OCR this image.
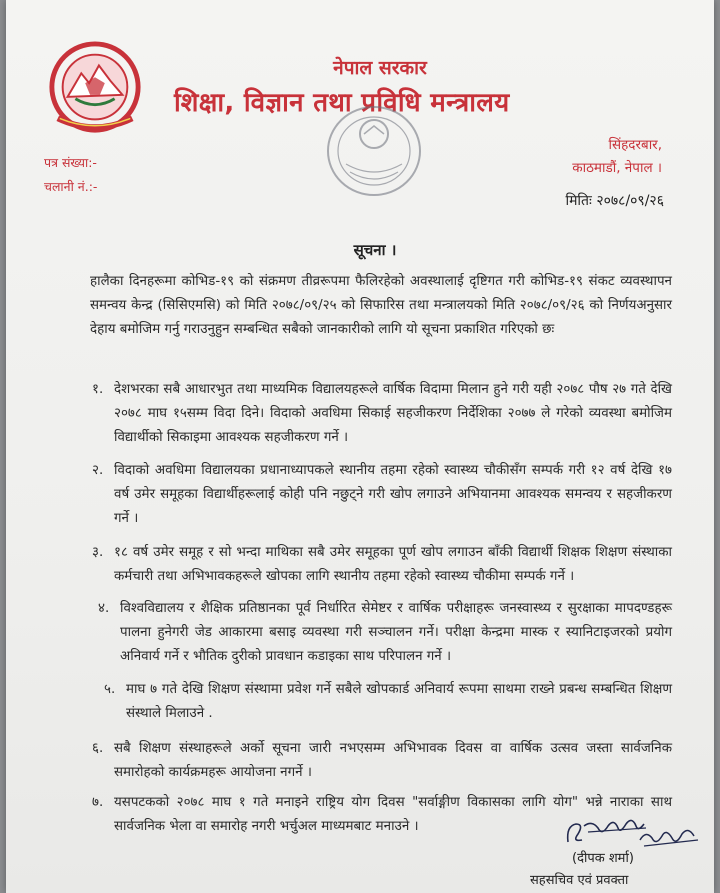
नेपाल सरकार
शिक्षा, विज्ञान तथा प्रविधि मन्त्रालय
पत्र संख्या:-
चलानी नं.:-
सिंहदरबार,
काठमाडौं, नेपाल ।
मितिः २०७८/०९/२६
सूचना ।
हालैका दिनहरूमा कोभिड-१९ को संक्रमण तीव्ररूपमा फैलिरहेको अवस्थालाई दृष्टिगत गरी कोभिड-१९ संकट व्यवस्थापन समन्वय केन्द्र (सिसिएमसि) को मिति २०७८/०९/२५ को सिफारिस तथा मन्त्रालयको मिति २०७८/०९/२६ को निर्णयअनुसार देहाय बमोजिम गर्नु गराउनुहुन सम्बन्धित सबैको जानकारीको लागि यो सूचना प्रकाशित गरिएको छः
१. देशभरका सबै आधारभुत तथा माध्यमिक विद्यालयहरूले वार्षिक विदामा मिलान हुने गरी यही २०७८ पौष २७ गते देखि २०७८ माघ १५सम्म विदा दिने। विदाको अवधिमा सिकाई सहजीकरण निर्देशिका २०७७ ले गरेको व्यवस्था बमोजिम विद्यार्थीको सिकाइमा आवश्यक सहजीकरण गर्ने ।
२. विदाको अवधिमा विद्यालयका प्रधानाध्यापकले स्थानीय तहमा रहेको स्वास्थ्य चौकीसँग सम्पर्क गरी १२ वर्ष देखि १७ वर्ष उमेर समूहका विद्यार्थीहरूलाई कोही पनि नछुट्ने गरी खोप लगाउने अभियानमा आवश्यक समन्वय र सहजीकरण गर्ने ।
३. १८ वर्ष उमेर समूह र सो भन्दा माथिका सबै उमेर समूहका पूर्ण खोप लगाउन बाँकी विद्यार्थी शिक्षक शिक्षण संस्थाका कर्मचारी तथा अभिभावकहरूले खोपका लागि स्थानीय तहमा रहेको स्वास्थ्य चौकीमा सम्पर्क गर्ने ।
४. विश्वविद्यालय र शैक्षिक प्रतिष्ठानका पूर्व निर्धारित सेमेष्टर र वार्षिक परीक्षाहरू जनस्वास्थ्य र सुरक्षाका मापदण्डहरू पालना हुनेगरी जेड आकारमा बसाइ व्यवस्था गरी सञ्चालन गर्ने। परीक्षा केन्द्रमा मास्क र स्यानिटाइजरको प्रयोग अनिवार्य गर्ने र भौतिक दुरीको प्रावधान कडाइका साथ परिपालन गर्ने ।
५. माघ ७ गते देखि शिक्षण संस्थामा प्रवेश गर्ने सबैले खोपकार्ड अनिवार्य रूपमा साथमा राख्ने प्रबन्ध सम्बन्धित शिक्षण संस्थाले मिलाउने .
६. सबै शिक्षण संस्थाहरूले अर्को सूचना जारी नभएसम्म अभिभावक दिवस वा वार्षिक उत्सव जस्ता सार्वजनिक समारोहको कार्यक्रमहरू आयोजना नगर्ने ।
७. यसपटकको २०७८ माघ १ गते मनाइने राष्ट्रिय योग दिवस "सर्वाङ्गीण विकासका लागि योग" भन्ने नाराका साथ सार्वजनिक भेला वा समारोह नगरी भर्चुअल माध्यमबाट मनाउने ।
(दीपक शर्मा)
सहसचिव एवं प्रवक्ता
